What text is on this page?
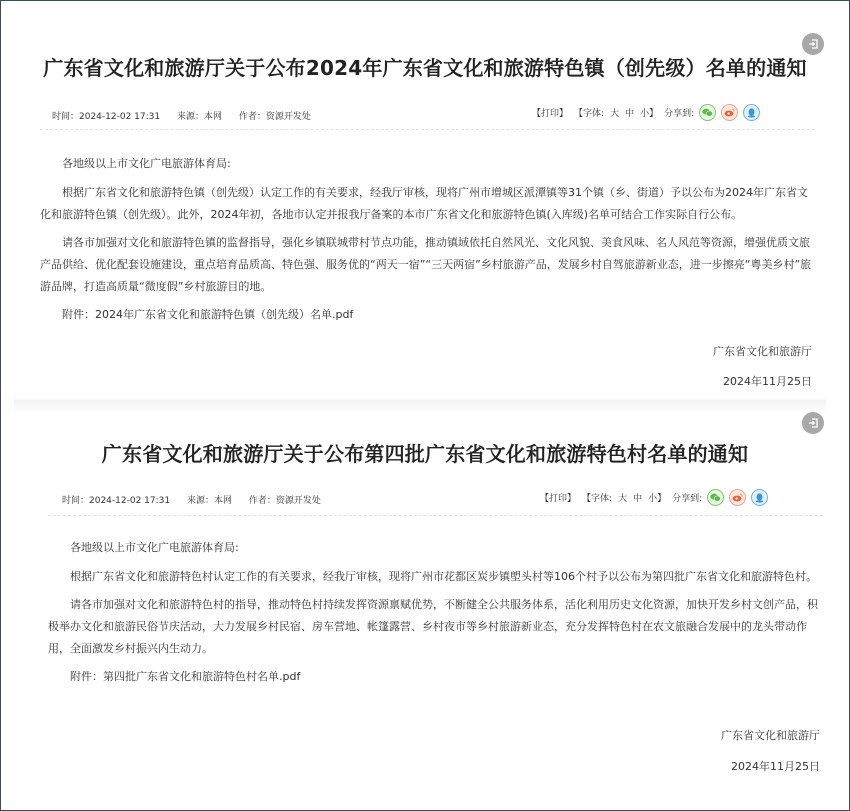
广东省文化和旅游厅关于公布2024年广东省文化和旅游特色镇（创先级）名单的通知
时间：2024-12-02 17:31 来源：本网 作者：资源开发处	【打印】 【字体: 大 中 小 】 分享到:

各地级以上市文化广电旅游体育局:

根据广东省文化和旅游特色镇（创先级）认定工作的有关要求，经我厅审核，现将广州市增城区派潭镇等31个镇（乡、街道）予以公布为2024年广东省文化和旅游特色镇（创先级）。此外，2024年初，各地市认定并报我厅备案的本市广东省文化和旅游特色镇(入库级)名单可结合工作实际自行公布。

请各市加强对文化和旅游特色镇的监督指导，强化乡镇联城带村节点功能，推动镇域依托自然风光、文化风貌、美食风味、名人风范等资源，增强优质文旅产品供给、优化配套设施建设，重点培育品质高、特色强、服务优的“两天一宿”“三天两宿”乡村旅游产品，发展乡村自驾旅游新业态，进一步擦亮“粤美乡村”旅游品牌，打造高质量“微度假”乡村旅游目的地。

附件：2024年广东省文化和旅游特色镇（创先级）名单.pdf

广东省文化和旅游厅
2024年11月25日
广东省文化和旅游厅关于公布第四批广东省文化和旅游特色村名单的通知
时间：2024-12-02 17:31 来源：本网 作者：资源开发处	【打印】 【字体: 大 中 小 】 分享到:

各地级以上市文化广电旅游体育局:

根据广东省文化和旅游特色村认定工作的有关要求，经我厅审核，现将广州市花都区炭步镇塱头村等106个村予以公布为第四批广东省文化和旅游特色村。

请各市加强对文化和旅游特色村的指导，推动特色村持续发挥资源禀赋优势，不断健全公共服务体系，活化利用历史文化资源，加快开发乡村文创产品，积极举办文化和旅游民俗节庆活动，大力发展乡村民宿、房车营地、帐篷露营、乡村夜市等乡村旅游新业态，充分发挥特色村在农文旅融合发展中的龙头带动作用，全面激发乡村振兴内生动力。

附件：第四批广东省文化和旅游特色村名单.pdf

广东省文化和旅游厅
2024年11月25日
